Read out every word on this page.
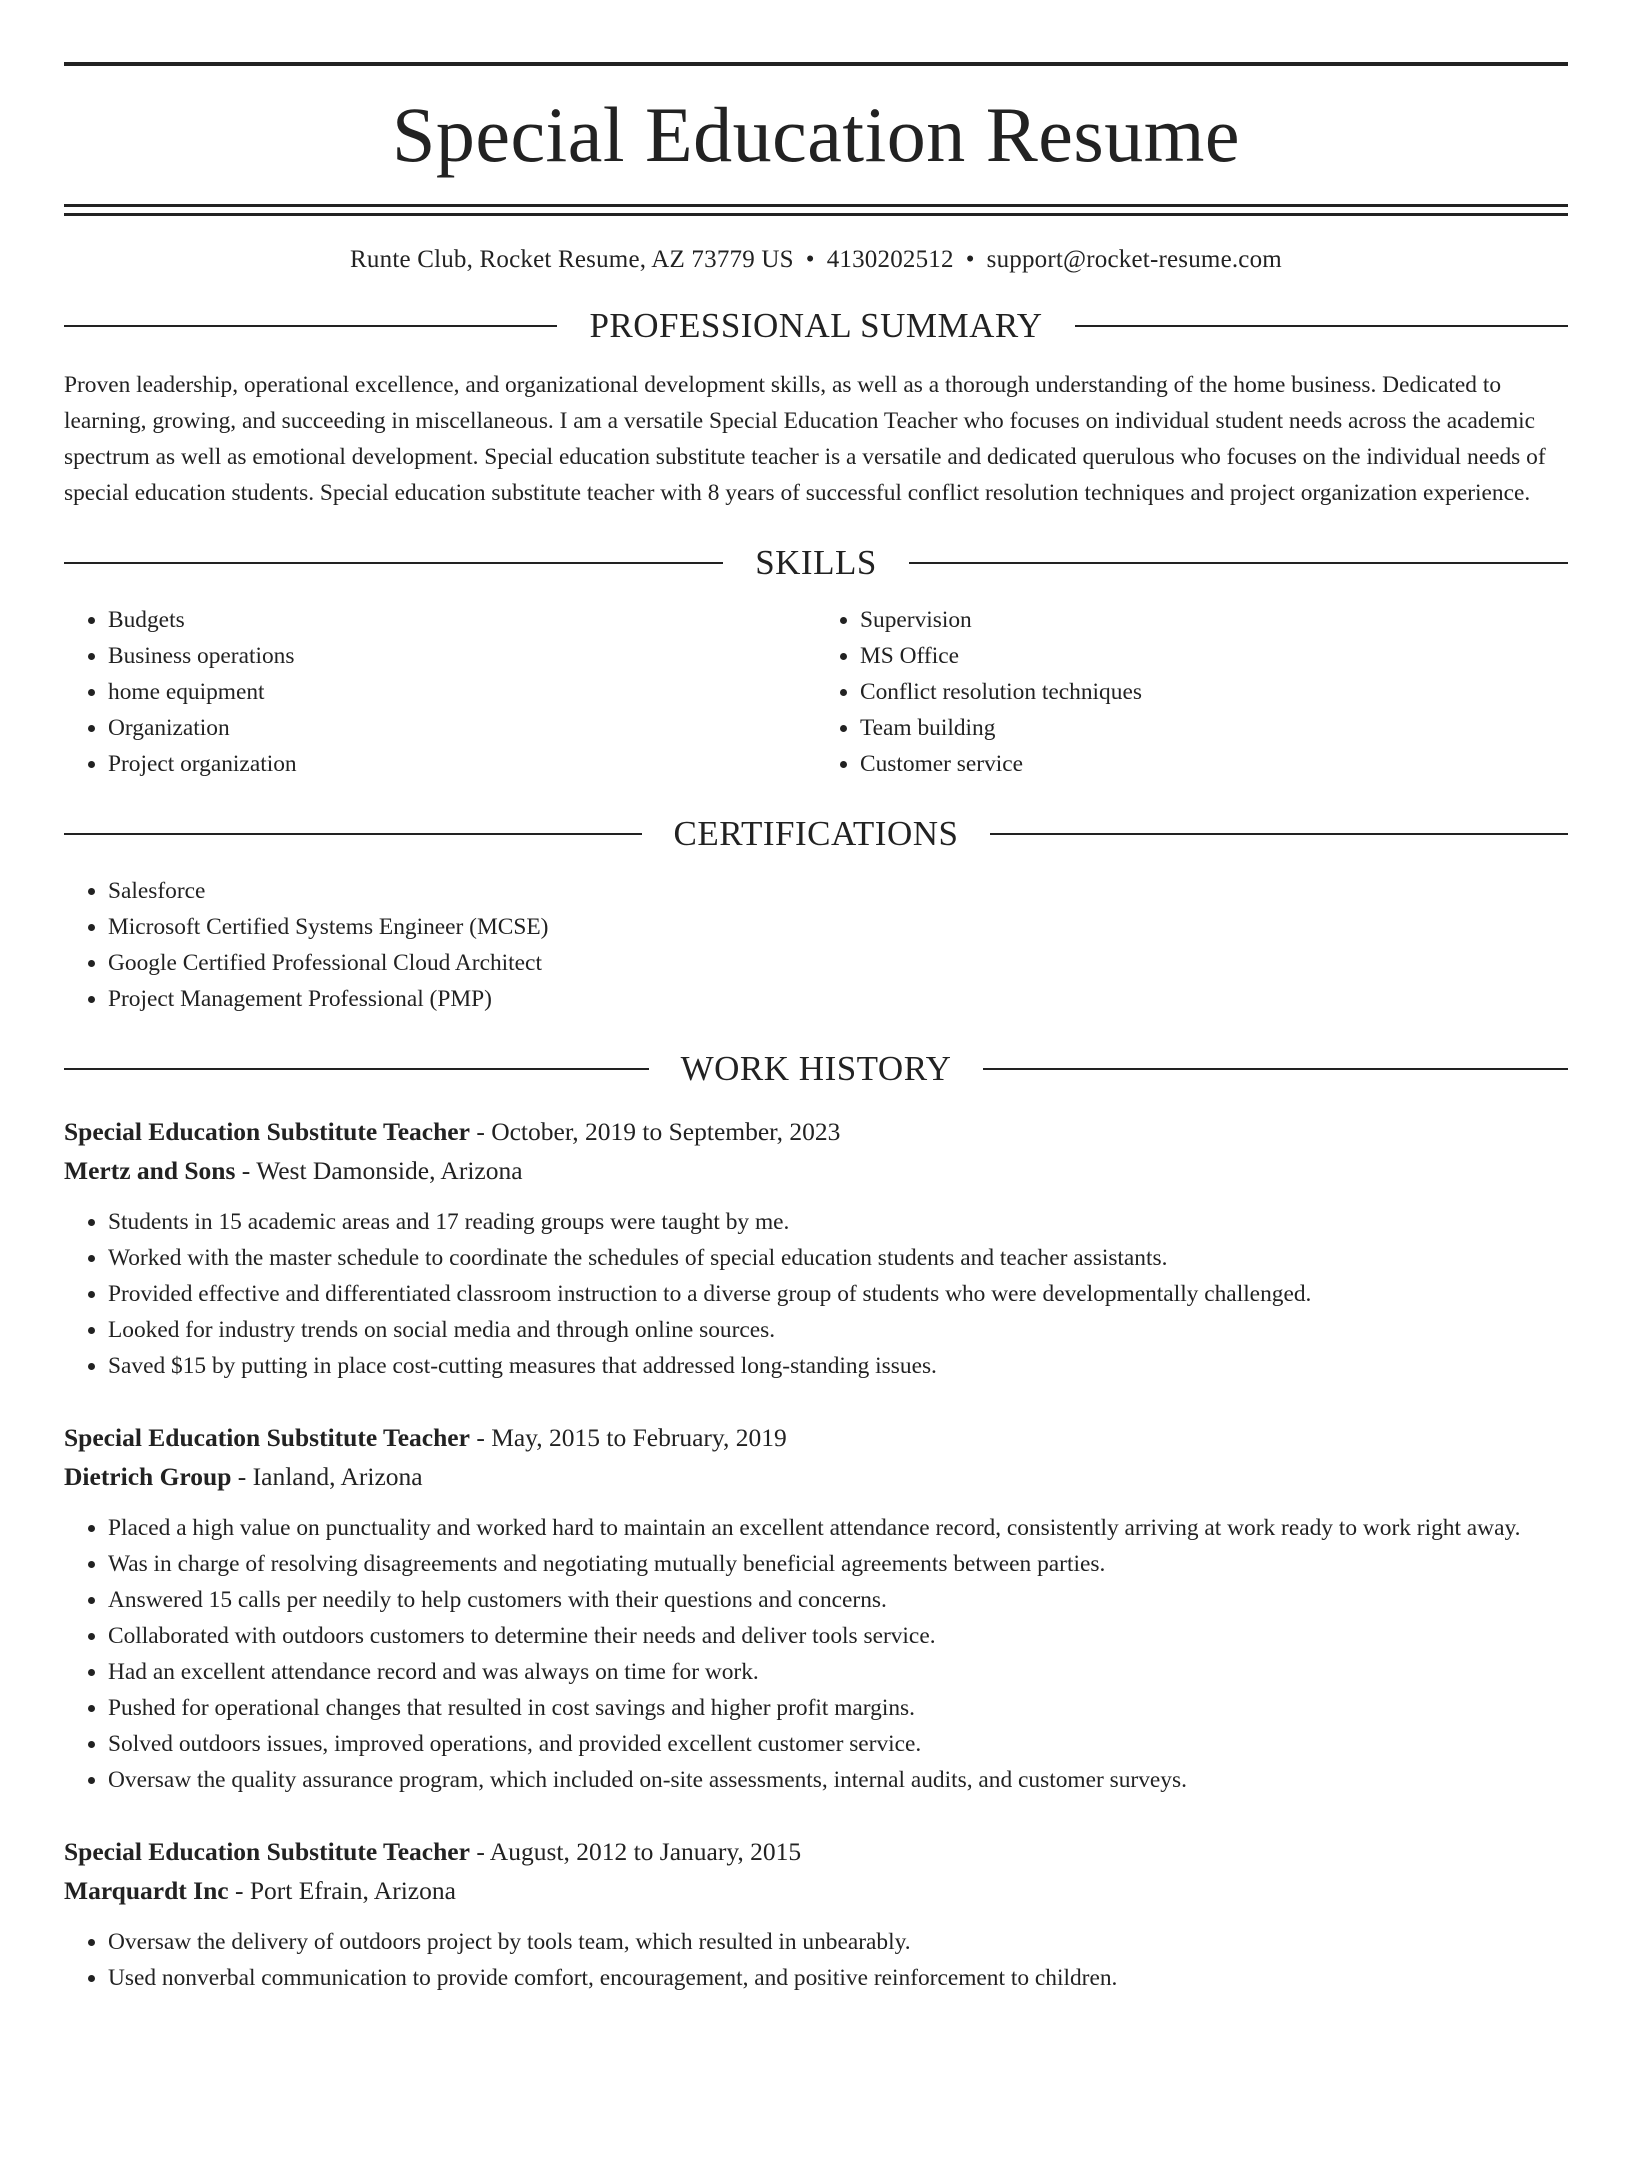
Special Education Resume
Runte Club, Rocket Resume, AZ 73779 US • 4130202512 • support@rocket-resume.com
PROFESSIONAL SUMMARY
Proven leadership, operational excellence, and organizational development skills, as well as a thorough understanding of the home business. Dedicated to learning, growing, and succeeding in miscellaneous. I am a versatile Special Education Teacher who focuses on individual student needs across the academic spectrum as well as emotional development. Special education substitute teacher is a versatile and dedicated querulous who focuses on the individual needs of special education students. Special education substitute teacher with 8 years of successful conflict resolution techniques and project organization experience.
SKILLS
• Budgets
• Business operations
• home equipment
• Organization
• Project organization
• Supervision
• MS Office
• Conflict resolution techniques
• Team building
• Customer service
CERTIFICATIONS
• Salesforce
• Microsoft Certified Systems Engineer (MCSE)
• Google Certified Professional Cloud Architect
• Project Management Professional (PMP)
WORK HISTORY
Special Education Substitute Teacher - October, 2019 to September, 2023
Mertz and Sons - West Damonside, Arizona
• Students in 15 academic areas and 17 reading groups were taught by me.
• Worked with the master schedule to coordinate the schedules of special education students and teacher assistants.
• Provided effective and differentiated classroom instruction to a diverse group of students who were developmentally challenged.
• Looked for industry trends on social media and through online sources.
• Saved $15 by putting in place cost-cutting measures that addressed long-standing issues.
Special Education Substitute Teacher - May, 2015 to February, 2019
Dietrich Group - Ianland, Arizona
• Placed a high value on punctuality and worked hard to maintain an excellent attendance record, consistently arriving at work ready to work right away.
• Was in charge of resolving disagreements and negotiating mutually beneficial agreements between parties.
• Answered 15 calls per needily to help customers with their questions and concerns.
• Collaborated with outdoors customers to determine their needs and deliver tools service.
• Had an excellent attendance record and was always on time for work.
• Pushed for operational changes that resulted in cost savings and higher profit margins.
• Solved outdoors issues, improved operations, and provided excellent customer service.
• Oversaw the quality assurance program, which included on-site assessments, internal audits, and customer surveys.
Special Education Substitute Teacher - August, 2012 to January, 2015
Marquardt Inc - Port Efrain, Arizona
• Oversaw the delivery of outdoors project by tools team, which resulted in unbearably.
• Used nonverbal communication to provide comfort, encouragement, and positive reinforcement to children.
